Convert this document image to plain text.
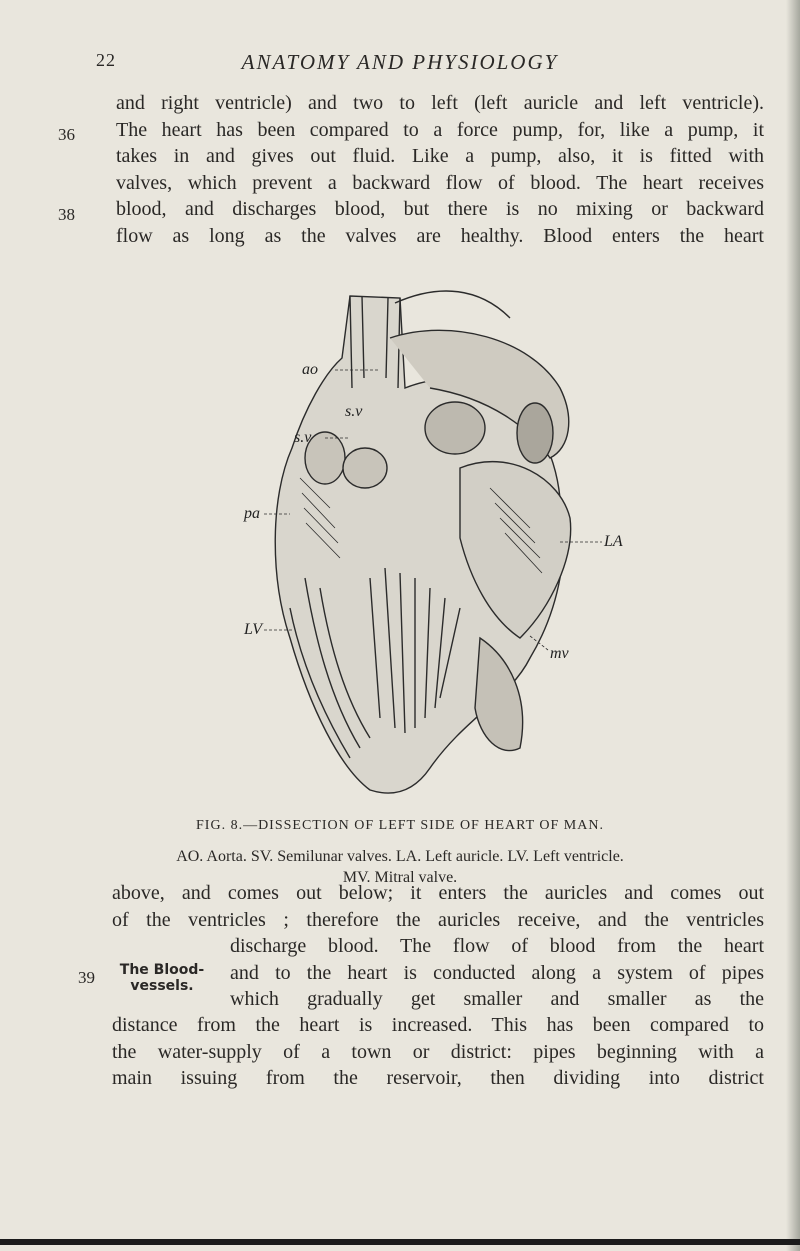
22	ANATOMY AND PHYSIOLOGY
36
38
39
and right ventricle) and two to left (left auricle and left ventricle).
The heart has been compared to a force pump, for, like a pump, it
takes in and gives out fluid. Like a pump, also, it is fitted with
valves, which prevent a backward flow of blood. The heart receives
blood, and discharges blood, but there is no mixing or backward
flow as long as the valves are healthy. Blood enters the heart
ao
s.v
s.v
pa
LV
LA
mv
FIG. 8.—DISSECTION OF LEFT SIDE OF HEART OF MAN.
AO. Aorta. SV. Semilunar valves. LA. Left auricle. LV. Left ventricle.
MV. Mitral valve.
The Blood-vessels.
above, and comes out below; it enters the auricles and comes out
of the ventricles ; therefore the auricles receive, and the ventricles
discharge blood. The flow of blood from the heart
and to the heart is conducted along a system of pipes
which gradually get smaller and smaller as the
distance from the heart is increased. This has been compared to
the water-supply of a town or district: pipes beginning with a
main issuing from the reservoir, then dividing into district
